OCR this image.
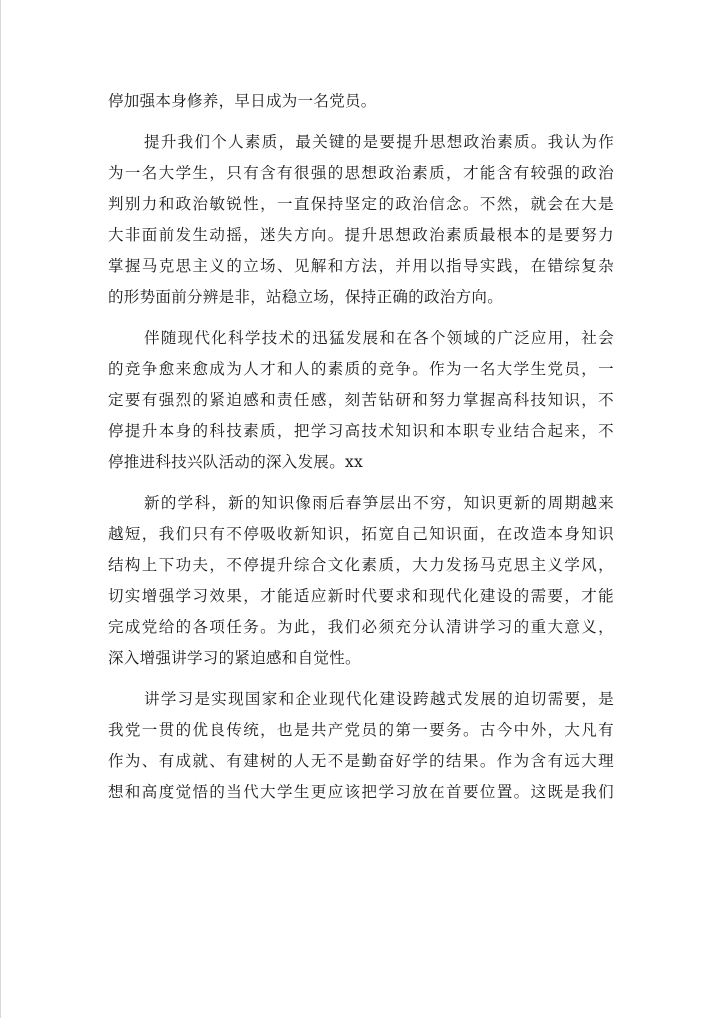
停加强本身修养，早日成为一名党员。
提升我们个人素质，最关键的是要提升思想政治素质。我认为作
为一名大学生，只有含有很强的思想政治素质，才能含有较强的政治
判别力和政治敏锐性，一直保持坚定的政治信念。不然，就会在大是
大非面前发生动摇，迷失方向。提升思想政治素质最根本的是要努力
掌握马克思主义的立场、见解和方法，并用以指导实践，在错综复杂
的形势面前分辨是非，站稳立场，保持正确的政治方向。
伴随现代化科学技术的迅猛发展和在各个领域的广泛应用，社会
的竞争愈来愈成为人才和人的素质的竞争。作为一名大学生党员，一
定要有强烈的紧迫感和责任感，刻苦钻研和努力掌握高科技知识，不
停提升本身的科技素质，把学习高技术知识和本职专业结合起来，不
停推进科技兴队活动的深入发展。xx
新的学科，新的知识像雨后春笋层出不穷，知识更新的周期越来
越短，我们只有不停吸收新知识，拓宽自己知识面，在改造本身知识
结构上下功夫，不停提升综合文化素质，大力发扬马克思主义学风，
切实增强学习效果，才能适应新时代要求和现代化建设的需要，才能
完成党给的各项任务。为此，我们必须充分认清讲学习的重大意义，
深入增强讲学习的紧迫感和自觉性。
讲学习是实现国家和企业现代化建设跨越式发展的迫切需要，是
我党一贯的优良传统，也是共产党员的第一要务。古今中外，大凡有
作为、有成就、有建树的人无不是勤奋好学的结果。作为含有远大理
想和高度觉悟的当代大学生更应该把学习放在首要位置。这既是我们
